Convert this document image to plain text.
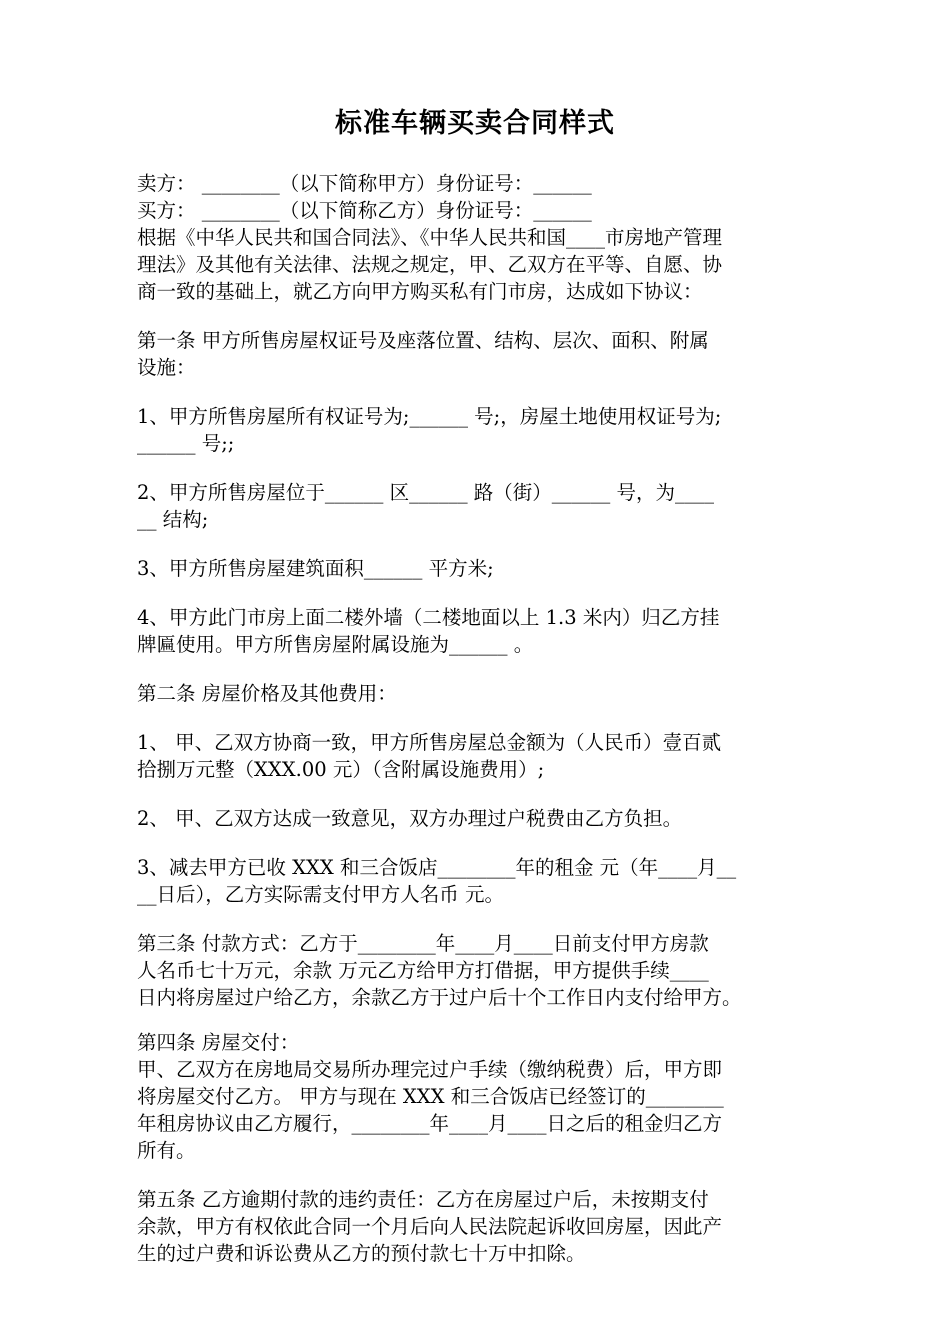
标准车辆买卖合同样式

卖方： ________（以下简称甲方）身份证号：______

买方： ________（以下简称乙方）身份证号：______

根据《中华人民共和国合同法》、《中华人民共和国____市房地产管理

理法》及其他有关法律、法规之规定，甲、乙双方在平等、自愿、协

商一致的基础上，就乙方向甲方购买私有门市房，达成如下协议：

第一条 甲方所售房屋权证号及座落位置、结构、层次、面积、附属

设施：

1、甲方所售房屋所有权证号为;______ 号;，房屋土地使用权证号为;

______ 号;;

2、甲方所售房屋位于______ 区______ 路（街）______ 号，为____

__ 结构;

3、甲方所售房屋建筑面积______ 平方米;

4、甲方此门市房上面二楼外墙（二楼地面以上 1.3 米内）归乙方挂

牌匾使用。甲方所售房屋附属设施为______ 。

第二条 房屋价格及其他费用：

1、 甲、乙双方协商一致，甲方所售房屋总金额为（人民币）壹百贰

拾捌万元整（XXX.00 元）（含附属设施费用）;

2、 甲、乙双方达成一致意见，双方办理过户税费由乙方负担。

3、减去甲方已收 XXX 和三合饭店________年的租金 元（年____月__

__日后），乙方实际需支付甲方人名币 元。

第三条 付款方式：乙方于________年____月____日前支付甲方房款

人名币七十万元，余款 万元乙方给甲方打借据，甲方提供手续____

日内将房屋过户给乙方，余款乙方于过户后十个工作日内支付给甲方。

第四条 房屋交付：

甲、乙双方在房地局交易所办理完过户手续（缴纳税费）后，甲方即

将房屋交付乙方。 甲方与现在 XXX 和三合饭店已经签订的________

年租房协议由乙方履行，________年____月____日之后的租金归乙方

所有。

第五条 乙方逾期付款的违约责任：乙方在房屋过户后，未按期支付

余款，甲方有权依此合同一个月后向人民法院起诉收回房屋，因此产

生的过户费和诉讼费从乙方的预付款七十万中扣除。
